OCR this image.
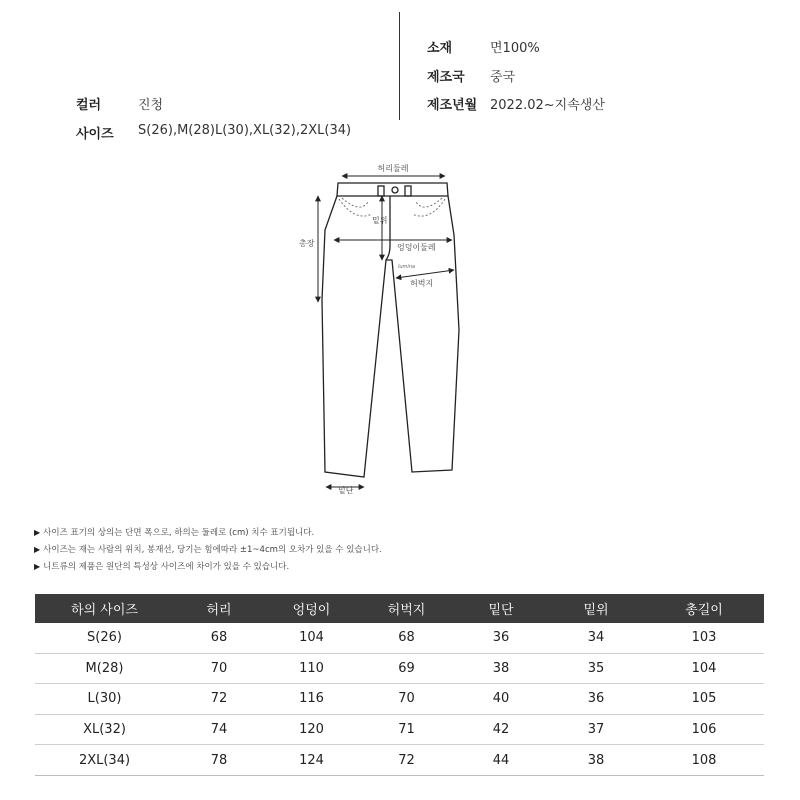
소재	면100%
제조국 중국
제조년월 2022.02~지속생산
컬러	진청
사이즈 S(26),M(28)L(30),XL(32),2XL(34)
허리둘레
밑위
엉덩이둘레
허벅지
총장
밑단
lumina
▶ 사이즈 표기의 상의는 단면 폭으로, 하의는 둘레로 (cm) 치수 표기됩니다.
▶ 사이즈는 재는 사람의 위치, 봉재선, 당기는 힘에따라 ±1~4cm의 오차가 있을 수 있습니다.
▶ 니트류의 제품은 원단의 특성상 사이즈에 차이가 있을 수 있습니다.
하의 사이즈	허리	엉덩이	허벅지	밑단	밑위	총길이
S(26)	68	104	68	36	34	103
M(28)	70	110	69	38	35	104
L(30)	72	116	70	40	36	105
XL(32)	74	120	71	42	37	106
2XL(34)	78	124	72	44	38	108
